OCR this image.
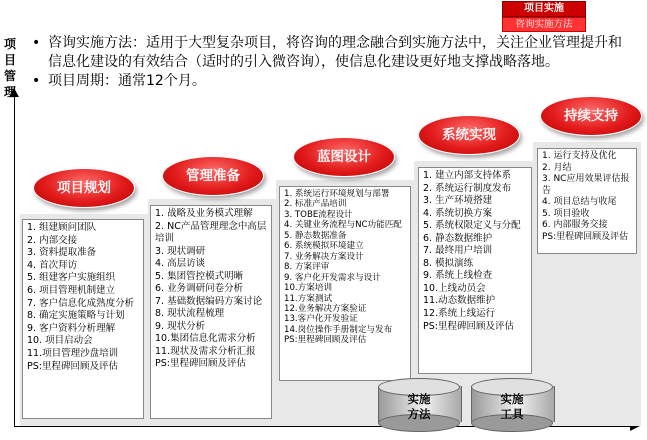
项目实施
咨询实施方法
项目管理
• 咨询实施方法：适用于大型复杂项目，将咨询的理念融合到实施方法中，关注企业管理提升和信息化建设的有效结合（适时的引入微咨询），使信息化建设更好地支撑战略落地。
• 项目周期：通常12个月。
项目规划
管理准备
蓝图设计
系统实现
持续支持
1. 组建顾问团队
2. 内部交接
3. 资料提取准备
4. 首次拜访
5. 组建客户实施组织
6. 项目管理机制建立
7. 客户信息化成熟度分析
8. 确定实施策略与计划
9. 客户资料分析理解
10. 项目启动会
11.项目管理沙盘培训
PS:里程碑回顾及评估
1. 战略及业务模式理解
2. NC产品管理理念中高层培训
3. 现状调研
4. 高层访谈
5. 集团管控模式明晰
6. 业务调研问卷分析
7. 基础数据编码方案讨论
8. 现状流程梳理
9. 现状分析
10.集团信息化需求分析
11.现状及需求分析汇报
PS:里程碑回顾及评估
1. 系统运行环境规划与部署
2. 标准产品培训
3. TOBE流程设计
4. 关键业务流程与NC功能匹配
5. 静态数据准备
6. 系统模拟环境建立
7. 业务解决方案设计
8. 方案评审
9. 客户化开发需求与设计
10.方案培训
11.方案测试
12.业务解决方案验证
13.客户化开发验证
14.岗位操作手册制定与发布
PS:里程碑回顾及评估
1. 建立内部支持体系
2. 系统运行制度发布
3. 生产环境搭建
4. 系统切换方案
5. 系统权限定义与分配
6. 静态数据维护
7. 最终用户培训
8. 模拟演练
9. 系统上线检查
10.上线动员会
11.动态数据维护
12.系统上线运行
PS:里程碑回顾及评估
1. 运行支持及优化
2. 月结
3. NC应用效果评估报告
4. 项目总结与收尾
5. 项目验收
6. 内部服务交接
PS:里程碑回顾及评估
实施
方法
实施
工具
